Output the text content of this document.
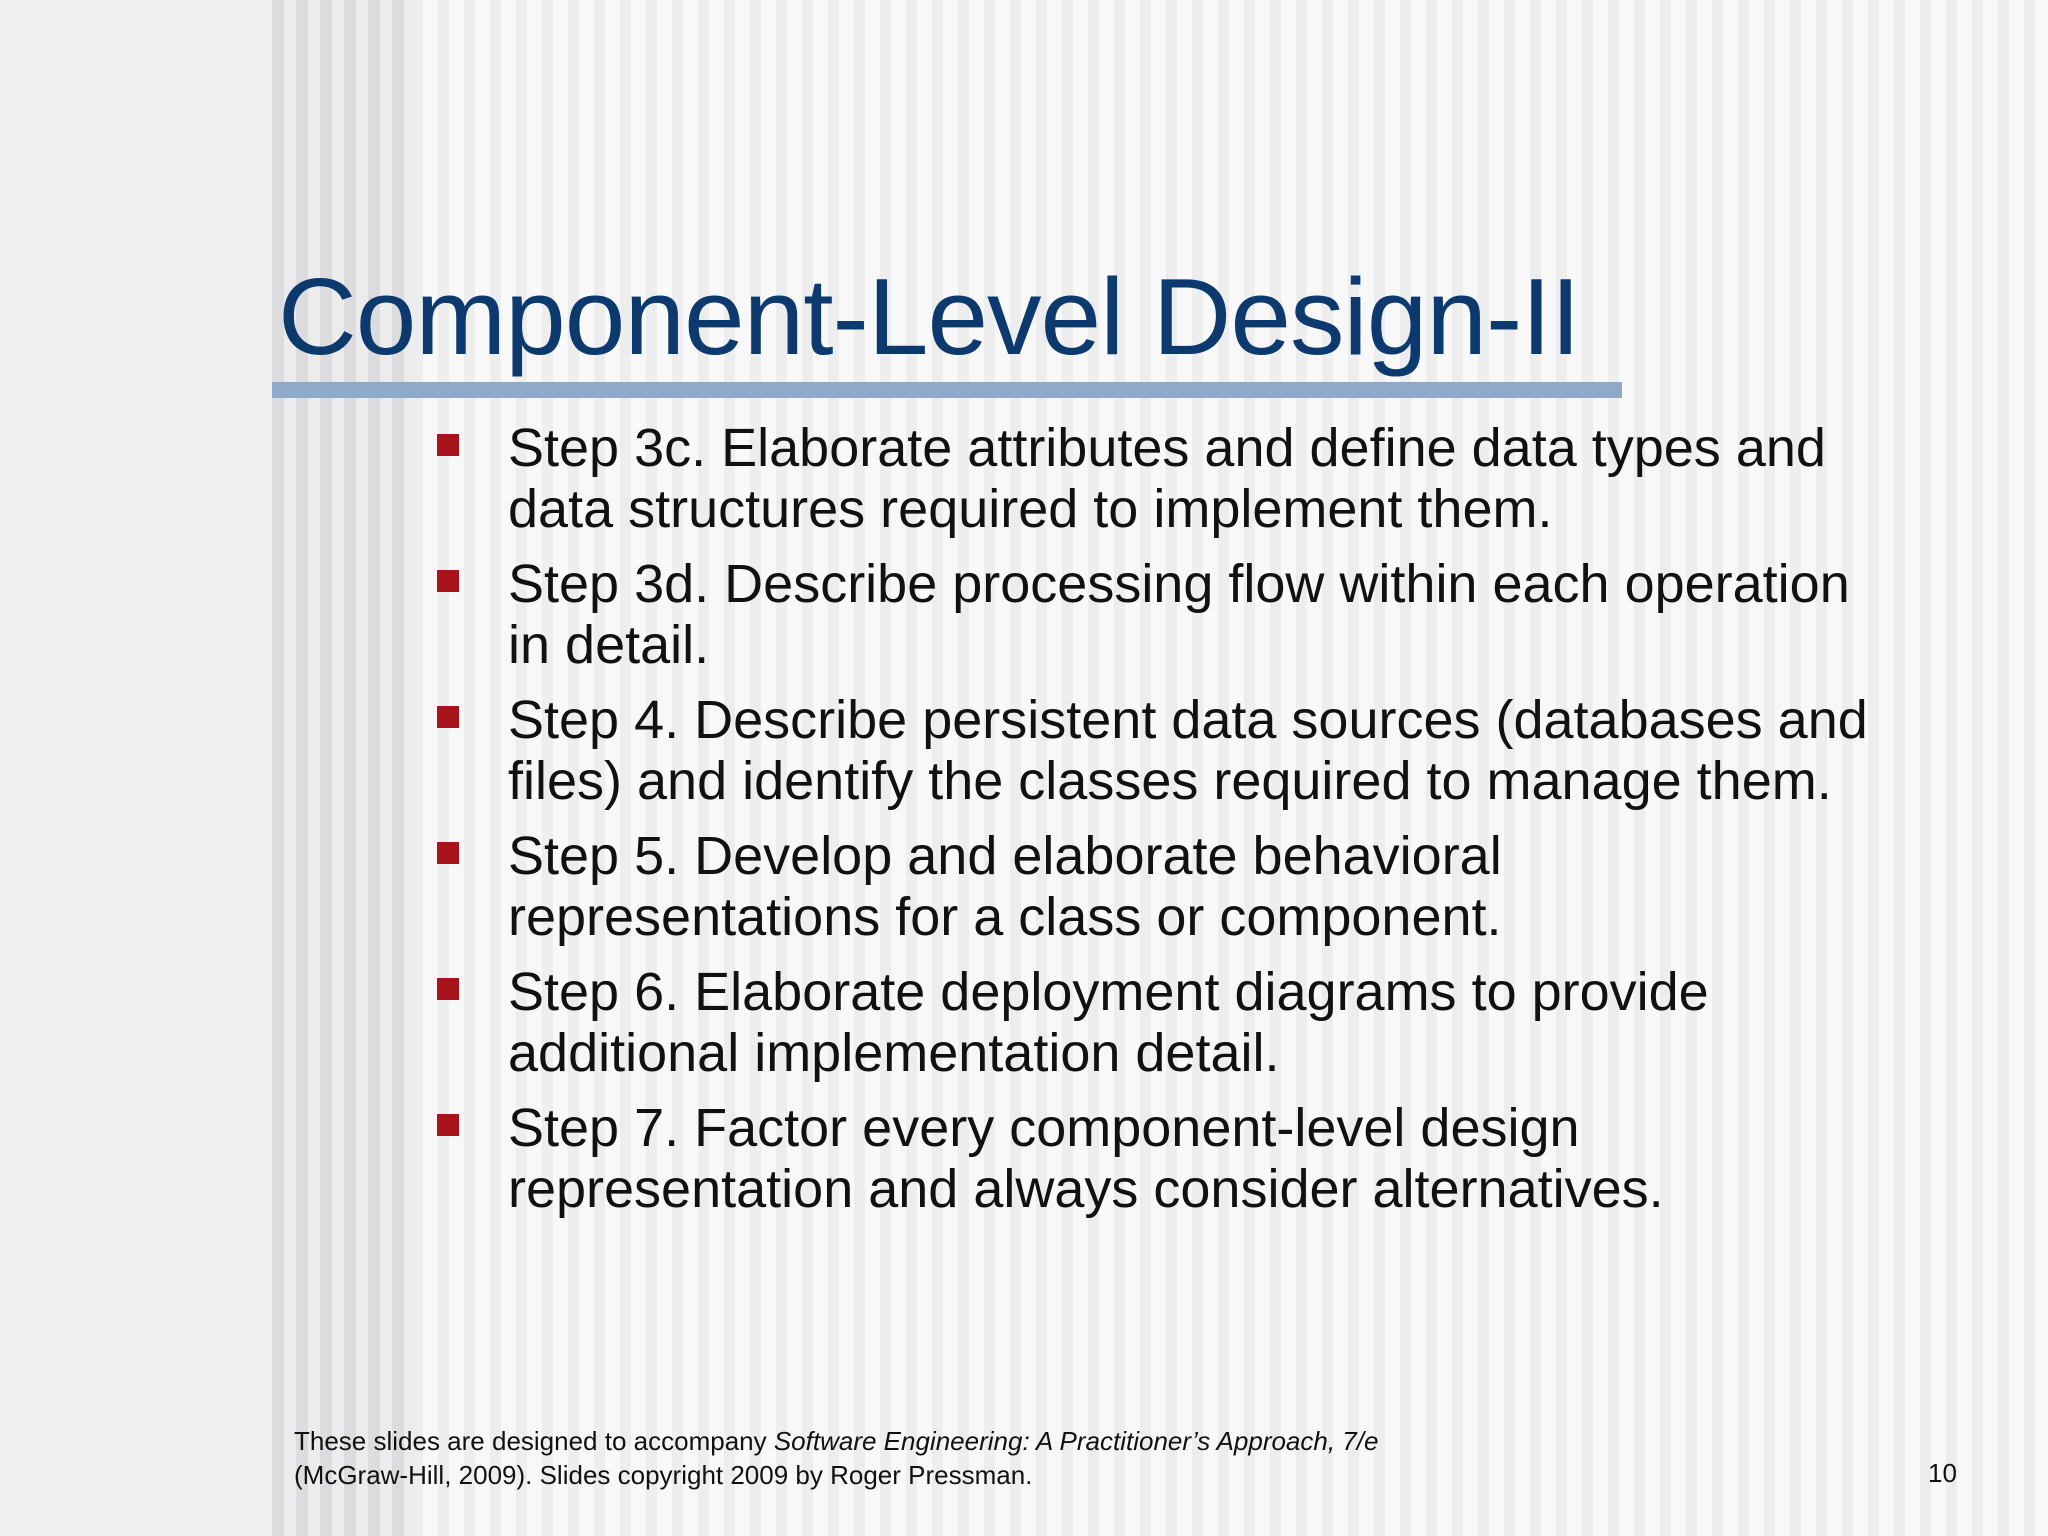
Component-Level Design-II
Step 3c. Elaborate attributes and define data types and data structures required to implement them.
Step 3d. Describe processing flow within each operation in detail.
Step 4. Describe persistent data sources (databases and files) and identify the classes required to manage them.
Step 5. Develop and elaborate behavioral representations for a class or component.
Step 6. Elaborate deployment diagrams to provide additional implementation detail.
Step 7. Factor every component-level design representation and always consider alternatives.
These slides are designed to accompany Software Engineering: A Practitioner’s Approach, 7/e
(McGraw-Hill, 2009). Slides copyright 2009 by Roger Pressman.	10
